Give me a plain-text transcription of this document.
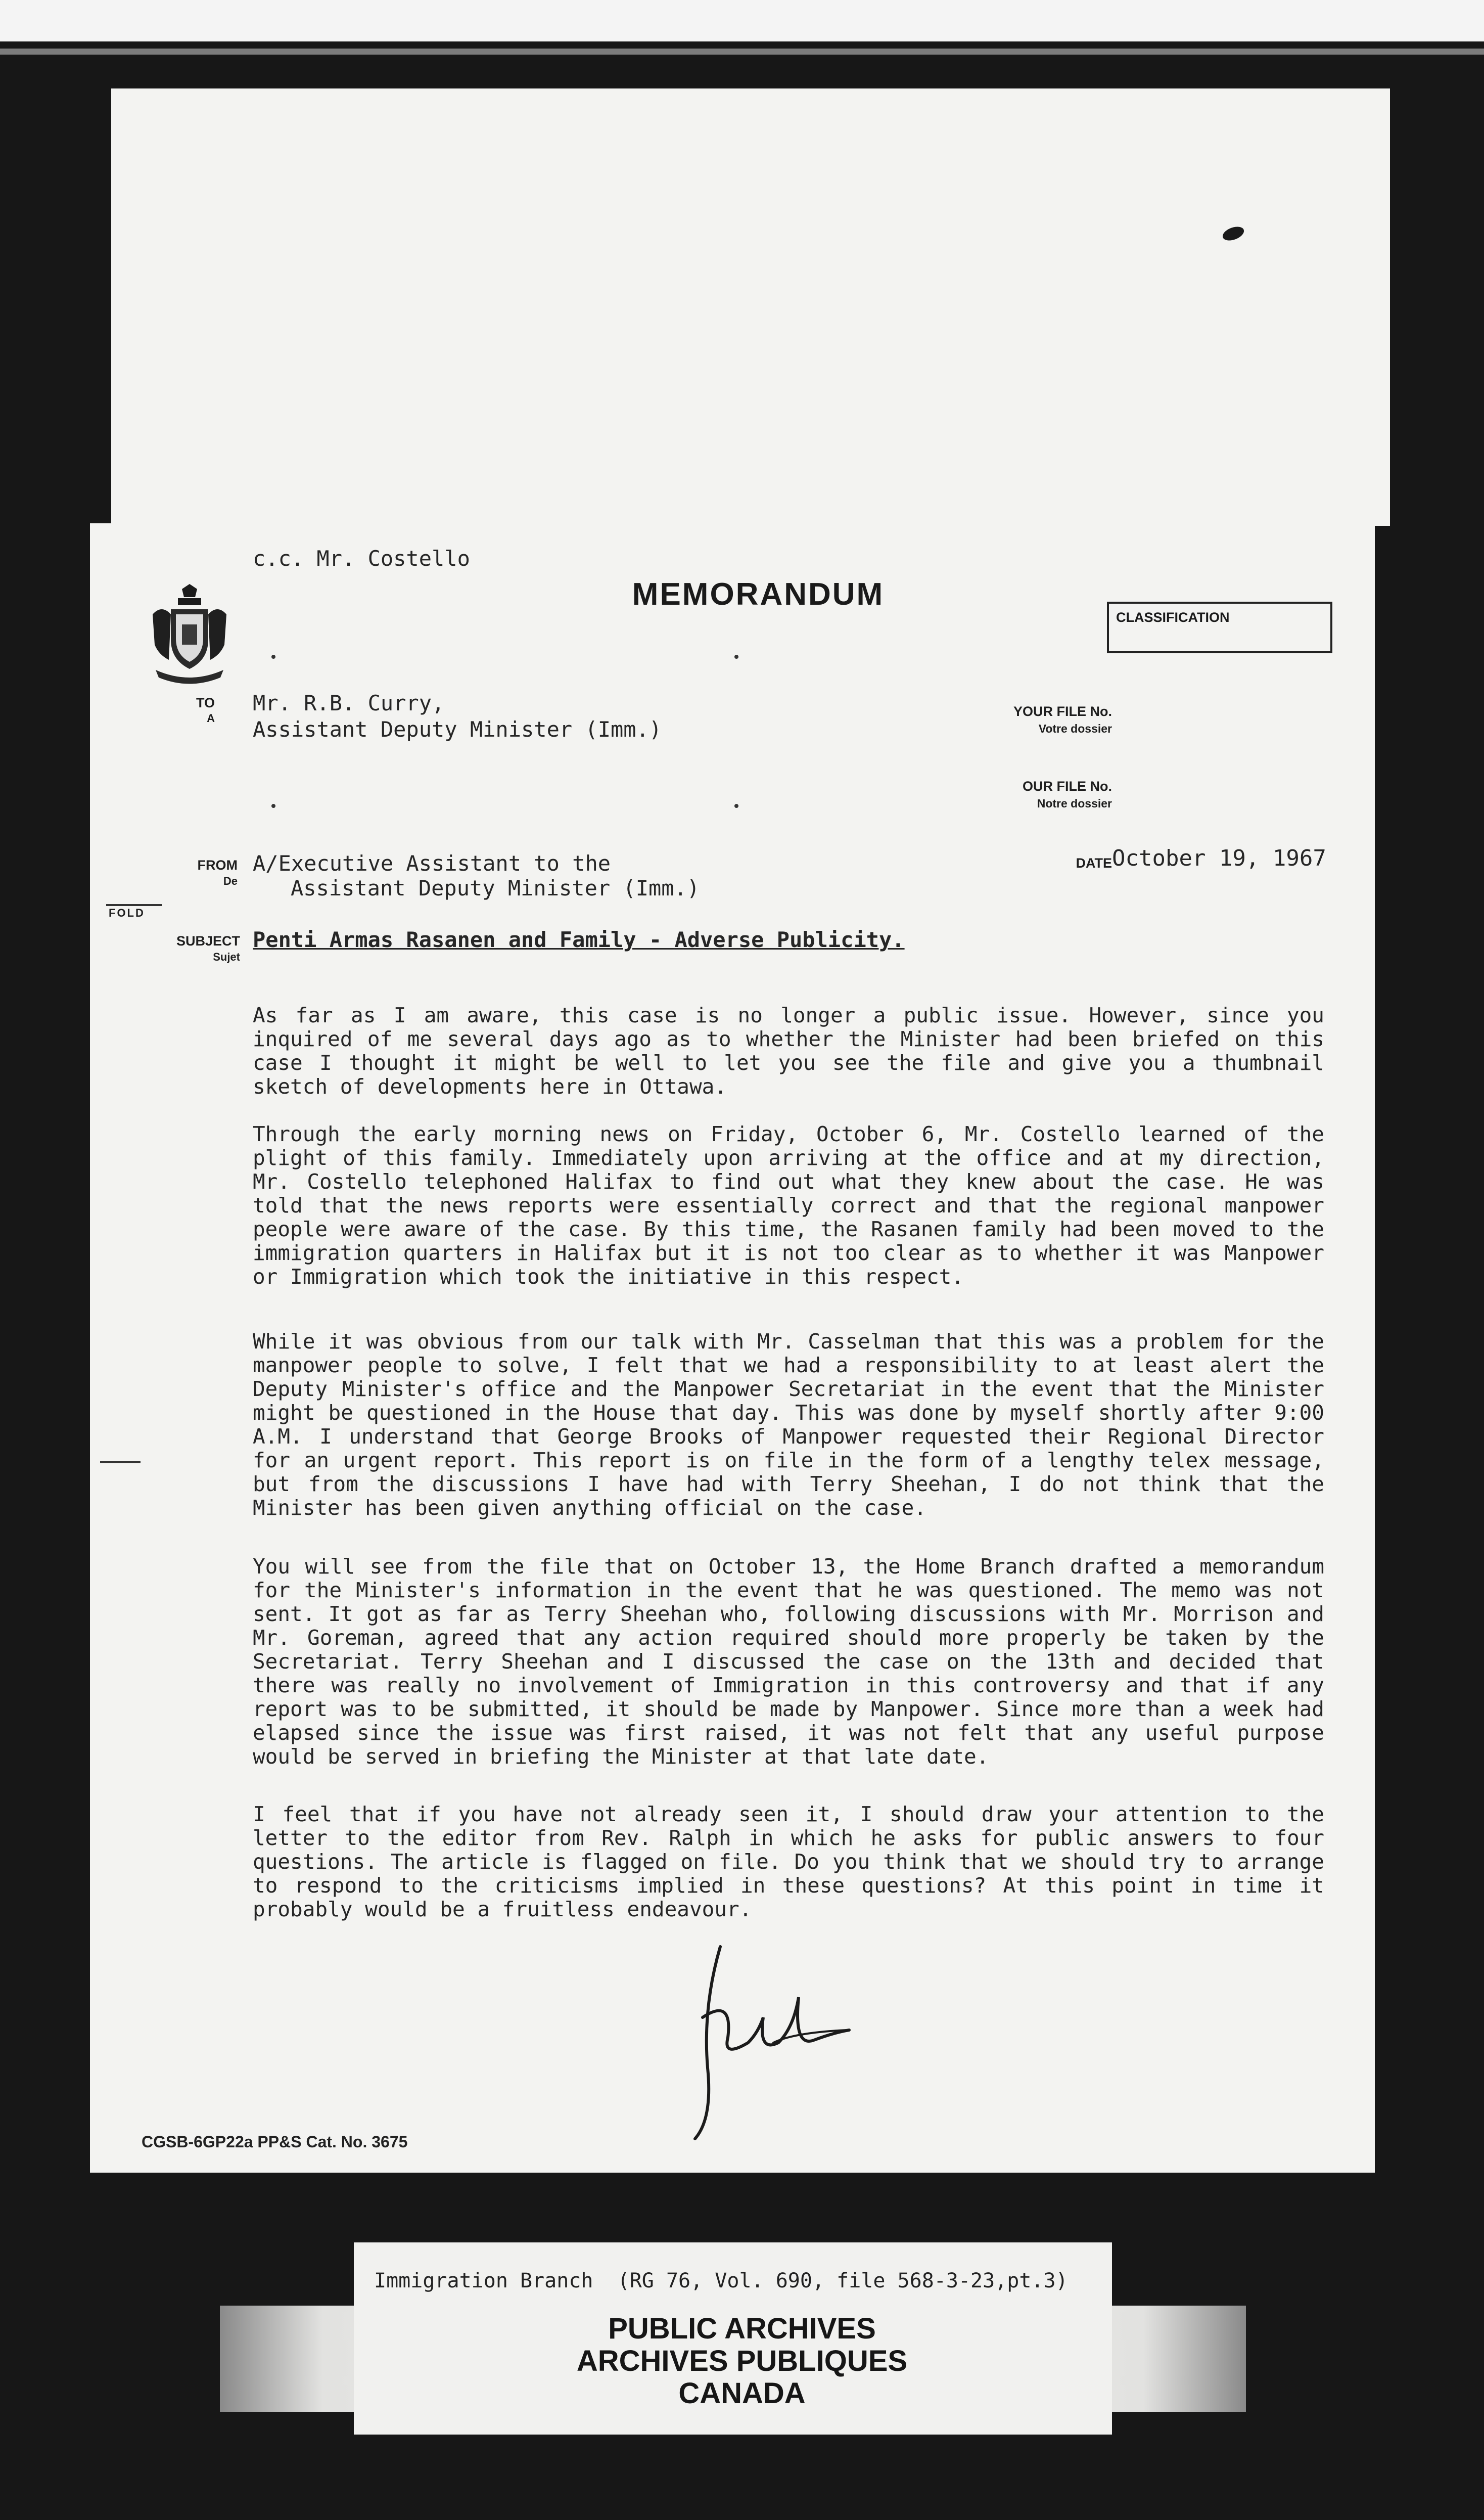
c.c. Mr. Costello
MEMORANDUM
CLASSIFICATION
TO
A
Mr. R.B. Curry,
Assistant Deputy Minister (Imm.)
YOUR FILE No.
Votre dossier
OUR FILE No.
Notre dossier
FROM
De
A/Executive Assistant to the
Assistant Deputy Minister (Imm.)
DATE October 19, 1967
FOLD
SUBJECT
Sujet
Penti Armas Rasanen and Family - Adverse Publicity.

As far as I am aware, this case is no longer a public issue. However, since you inquired of me several days ago as to whether the Minister had been briefed on this case I thought it might be well to let you see the file and give you a thumbnail sketch of developments here in Ottawa.

Through the early morning news on Friday, October 6, Mr. Costello learned of the plight of this family. Immediately upon arriving at the office and at my direction, Mr. Costello telephoned Halifax to find out what they knew about the case. He was told that the news reports were essentially correct and that the regional manpower people were aware of the case. By this time, the Rasanen family had been moved to the immigration quarters in Halifax but it is not too clear as to whether it was Manpower or Immigration which took the initiative in this respect.

While it was obvious from our talk with Mr. Casselman that this was a problem for the manpower people to solve, I felt that we had a responsibility to at least alert the Deputy Minister's office and the Manpower Secretariat in the event that the Minister might be questioned in the House that day. This was done by myself shortly after 9:00 A.M. I understand that George Brooks of Manpower requested their Regional Director for an urgent report. This report is on file in the form of a lengthy telex message, but from the discussions I have had with Terry Sheehan, I do not think that the Minister has been given anything official on the case.

You will see from the file that on October 13, the Home Branch drafted a memorandum for the Minister's information in the event that he was questioned. The memo was not sent. It got as far as Terry Sheehan who, following discussions with Mr. Morrison and Mr. Goreman, agreed that any action required should more properly be taken by the Secretariat. Terry Sheehan and I discussed the case on the 13th and decided that there was really no involvement of Immigration in this controversy and that if any report was to be submitted, it should be made by Manpower. Since more than a week had elapsed since the issue was first raised, it was not felt that any useful purpose would be served in briefing the Minister at that late date.

I feel that if you have not already seen it, I should draw your attention to the letter to the editor from Rev. Ralph in which he asks for public answers to four questions. The article is flagged on file. Do you think that we should try to arrange to respond to the criticisms implied in these questions? At this point in time it probably would be a fruitless endeavour.

CGSB-6GP22a PP&S Cat. No. 3675
Immigration Branch  (RG 76, Vol. 690, file 568-3-23,pt.3)
PUBLIC ARCHIVES
ARCHIVES PUBLIQUES
CANADA
